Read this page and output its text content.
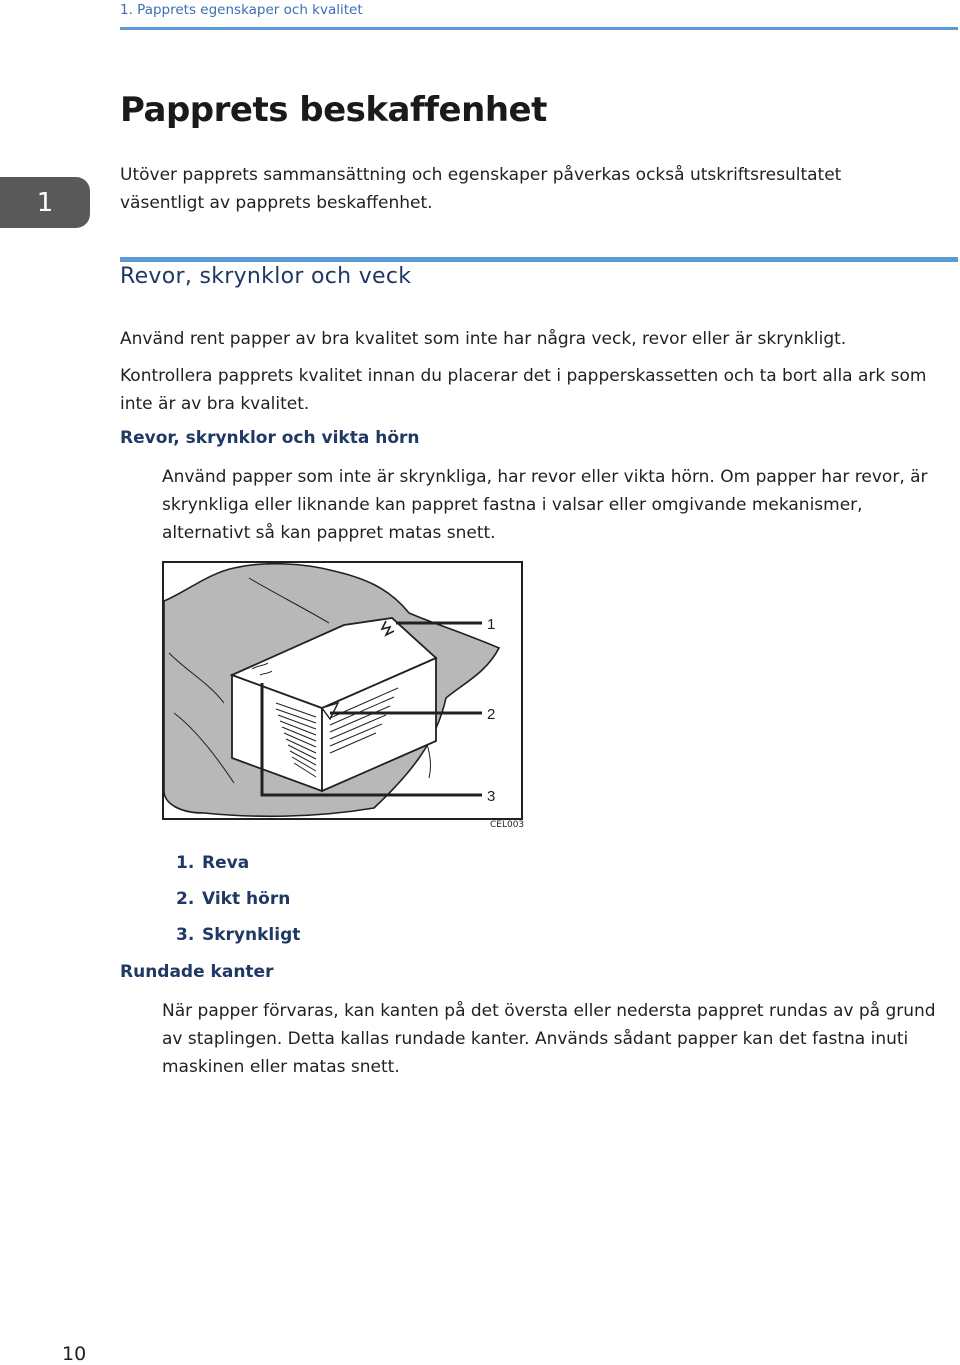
1. Papprets egenskaper och kvalitet
1
Papprets beskaffenhet

Utöver papprets sammansättning och egenskaper påverkas också utskriftsresultatet väsentligt av papprets beskaffenhet.

Revor, skrynklor och veck

Använd rent papper av bra kvalitet som inte har några veck, revor eller är skrynkligt.

Kontrollera papprets kvalitet innan du placerar det i papperskassetten och ta bort alla ark som inte är av bra kvalitet.

Revor, skrynklor och vikta hörn

Använd papper som inte är skrynkliga, har revor eller vikta hörn. Om papper har revor, är skrynkliga eller liknande kan pappret fastna i valsar eller omgivande mekanismer, alternativt så kan pappret matas snett.

1
2
3
CEL003
1. Reva
2. Vikt hörn
3. Skrynkligt
Rundade kanter

När papper förvaras, kan kanten på det översta eller nedersta pappret rundas av på grund av staplingen. Detta kallas rundade kanter. Används sådant papper kan det fastna inuti maskinen eller matas snett.

10
